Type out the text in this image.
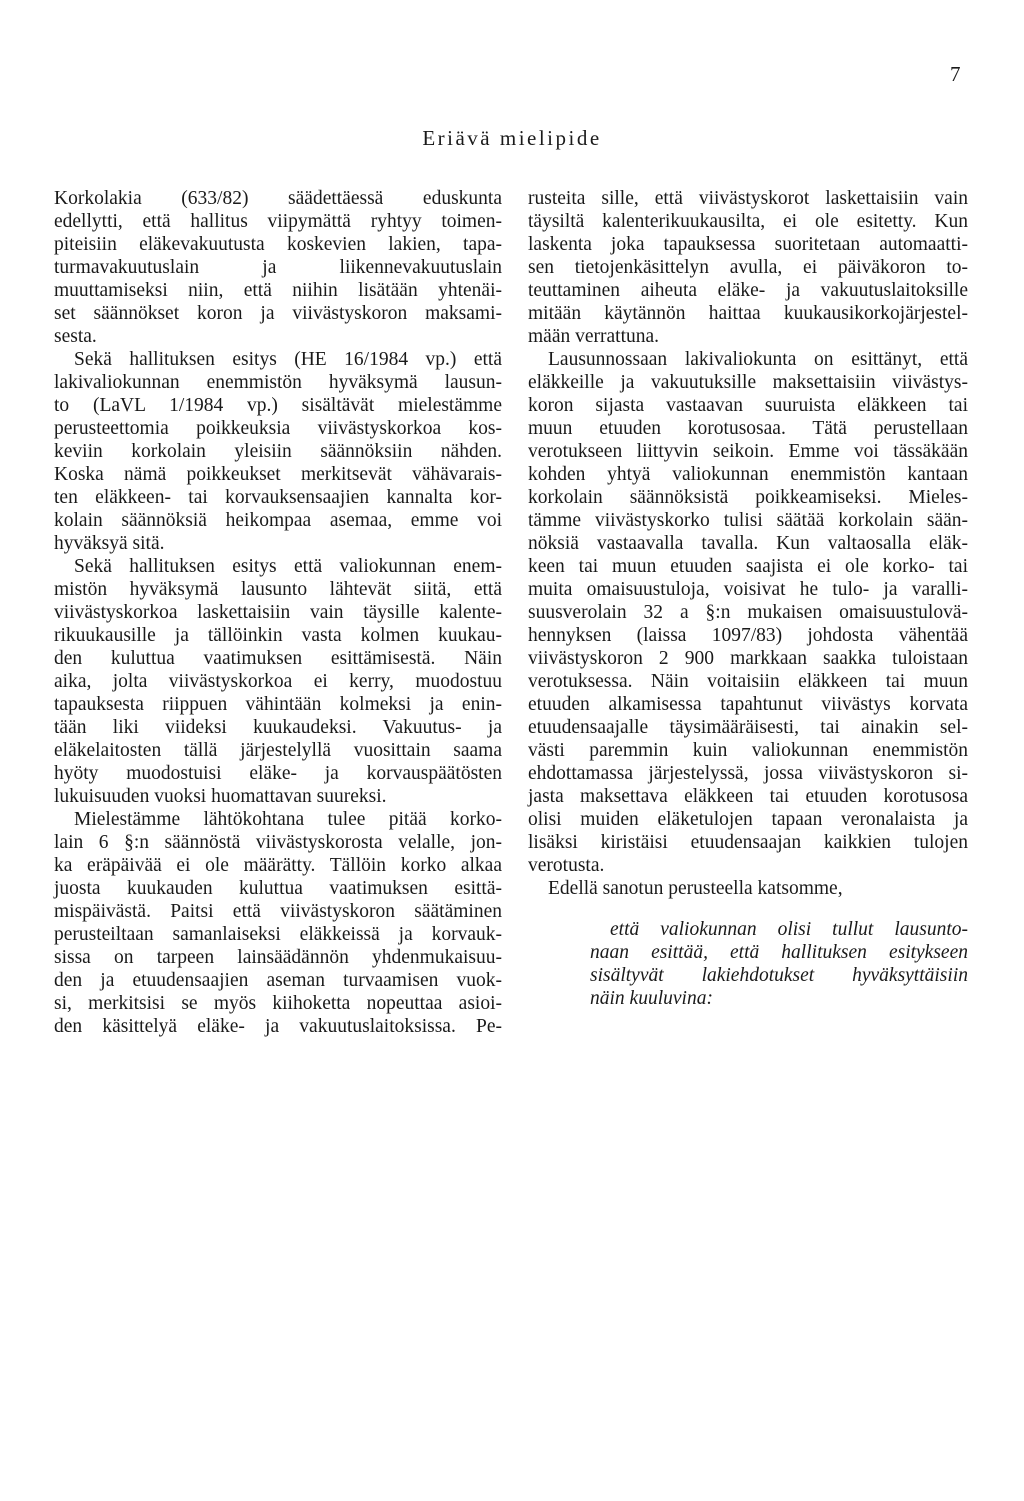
7
Eriävä mielipide
Korkolakia (633/82) säädettäessä eduskunta
edellytti, että hallitus viipymättä ryhtyy toimen-
piteisiin eläkevakuutusta koskevien lakien, tapa-
turmavakuutuslain ja liikennevakuutuslain
muuttamiseksi niin, että niihin lisätään yhtenäi-
set säännökset koron ja viivästyskoron maksami-
sesta.
Sekä hallituksen esitys (HE 16/1984 vp.) että
lakivaliokunnan enemmistön hyväksymä lausun-
to (LaVL 1/1984 vp.) sisältävät mielestämme
perusteettomia poikkeuksia viivästyskorkoa kos-
keviin korkolain yleisiin säännöksiin nähden.
Koska nämä poikkeukset merkitsevät vähävarais-
ten eläkkeen- tai korvauksensaajien kannalta kor-
kolain säännöksiä heikompaa asemaa, emme voi
hyväksyä sitä.
Sekä hallituksen esitys että valiokunnan enem-
mistön hyväksymä lausunto lähtevät siitä, että
viivästyskorkoa laskettaisiin vain täysille kalente-
rikuukausille ja tällöinkin vasta kolmen kuukau-
den kuluttua vaatimuksen esittämisestä. Näin
aika, jolta viivästyskorkoa ei kerry, muodostuu
tapauksesta riippuen vähintään kolmeksi ja enin-
tään liki viideksi kuukaudeksi. Vakuutus- ja
eläkelaitosten tällä järjestelyllä vuosittain saama
hyöty muodostuisi eläke- ja korvauspäätösten
lukuisuuden vuoksi huomattavan suureksi.
Mielestämme lähtökohtana tulee pitää korko-
lain 6 §:n säännöstä viivästyskorosta velalle, jon-
ka eräpäivää ei ole määrätty. Tällöin korko alkaa
juosta kuukauden kuluttua vaatimuksen esittä-
mispäivästä. Paitsi että viivästyskoron säätäminen
perusteiltaan samanlaiseksi eläkkeissä ja korvauk-
sissa on tarpeen lainsäädännön yhdenmukaisuu-
den ja etuudensaajien aseman turvaamisen vuok-
si, merkitsisi se myös kiihoketta nopeuttaa asioi-
den käsittelyä eläke- ja vakuutuslaitoksissa. Pe-
rusteita sille, että viivästyskorot laskettaisiin vain
täysiltä kalenterikuukausilta, ei ole esitetty. Kun
laskenta joka tapauksessa suoritetaan automaatti-
sen tietojenkäsittelyn avulla, ei päiväkoron to-
teuttaminen aiheuta eläke- ja vakuutuslaitoksille
mitään käytännön haittaa kuukausikorkojärjestel-
mään verrattuna.
Lausunnossaan lakivaliokunta on esittänyt, että
eläkkeille ja vakuutuksille maksettaisiin viivästys-
koron sijasta vastaavan suuruista eläkkeen tai
muun etuuden korotusosaa. Tätä perustellaan
verotukseen liittyvin seikoin. Emme voi tässäkään
kohden yhtyä valiokunnan enemmistön kantaan
korkolain säännöksistä poikkeamiseksi. Mieles-
tämme viivästyskorko tulisi säätää korkolain sään-
nöksiä vastaavalla tavalla. Kun valtaosalla eläk-
keen tai muun etuuden saajista ei ole korko- tai
muita omaisuustuloja, voisivat he tulo- ja varalli-
suusverolain 32 a §:n mukaisen omaisuustulovä-
hennyksen (laissa 1097/83) johdosta vähentää
viivästyskoron 2 900 markkaan saakka tuloistaan
verotuksessa. Näin voitaisiin eläkkeen tai muun
etuuden alkamisessa tapahtunut viivästys korvata
etuudensaajalle täysimääräisesti, tai ainakin sel-
västi paremmin kuin valiokunnan enemmistön
ehdottamassa järjestelyssä, jossa viivästyskoron si-
jasta maksettava eläkkeen tai etuuden korotusosa
olisi muiden eläketulojen tapaan veronalaista ja
lisäksi kiristäisi etuudensaajan kaikkien tulojen
verotusta.
Edellä sanotun perusteella katsomme,
että valiokunnan olisi tullut lausunto-
naan esittää, että hallituksen esitykseen
sisältyvät lakiehdotukset hyväksyttäisiin
näin kuuluvina:
